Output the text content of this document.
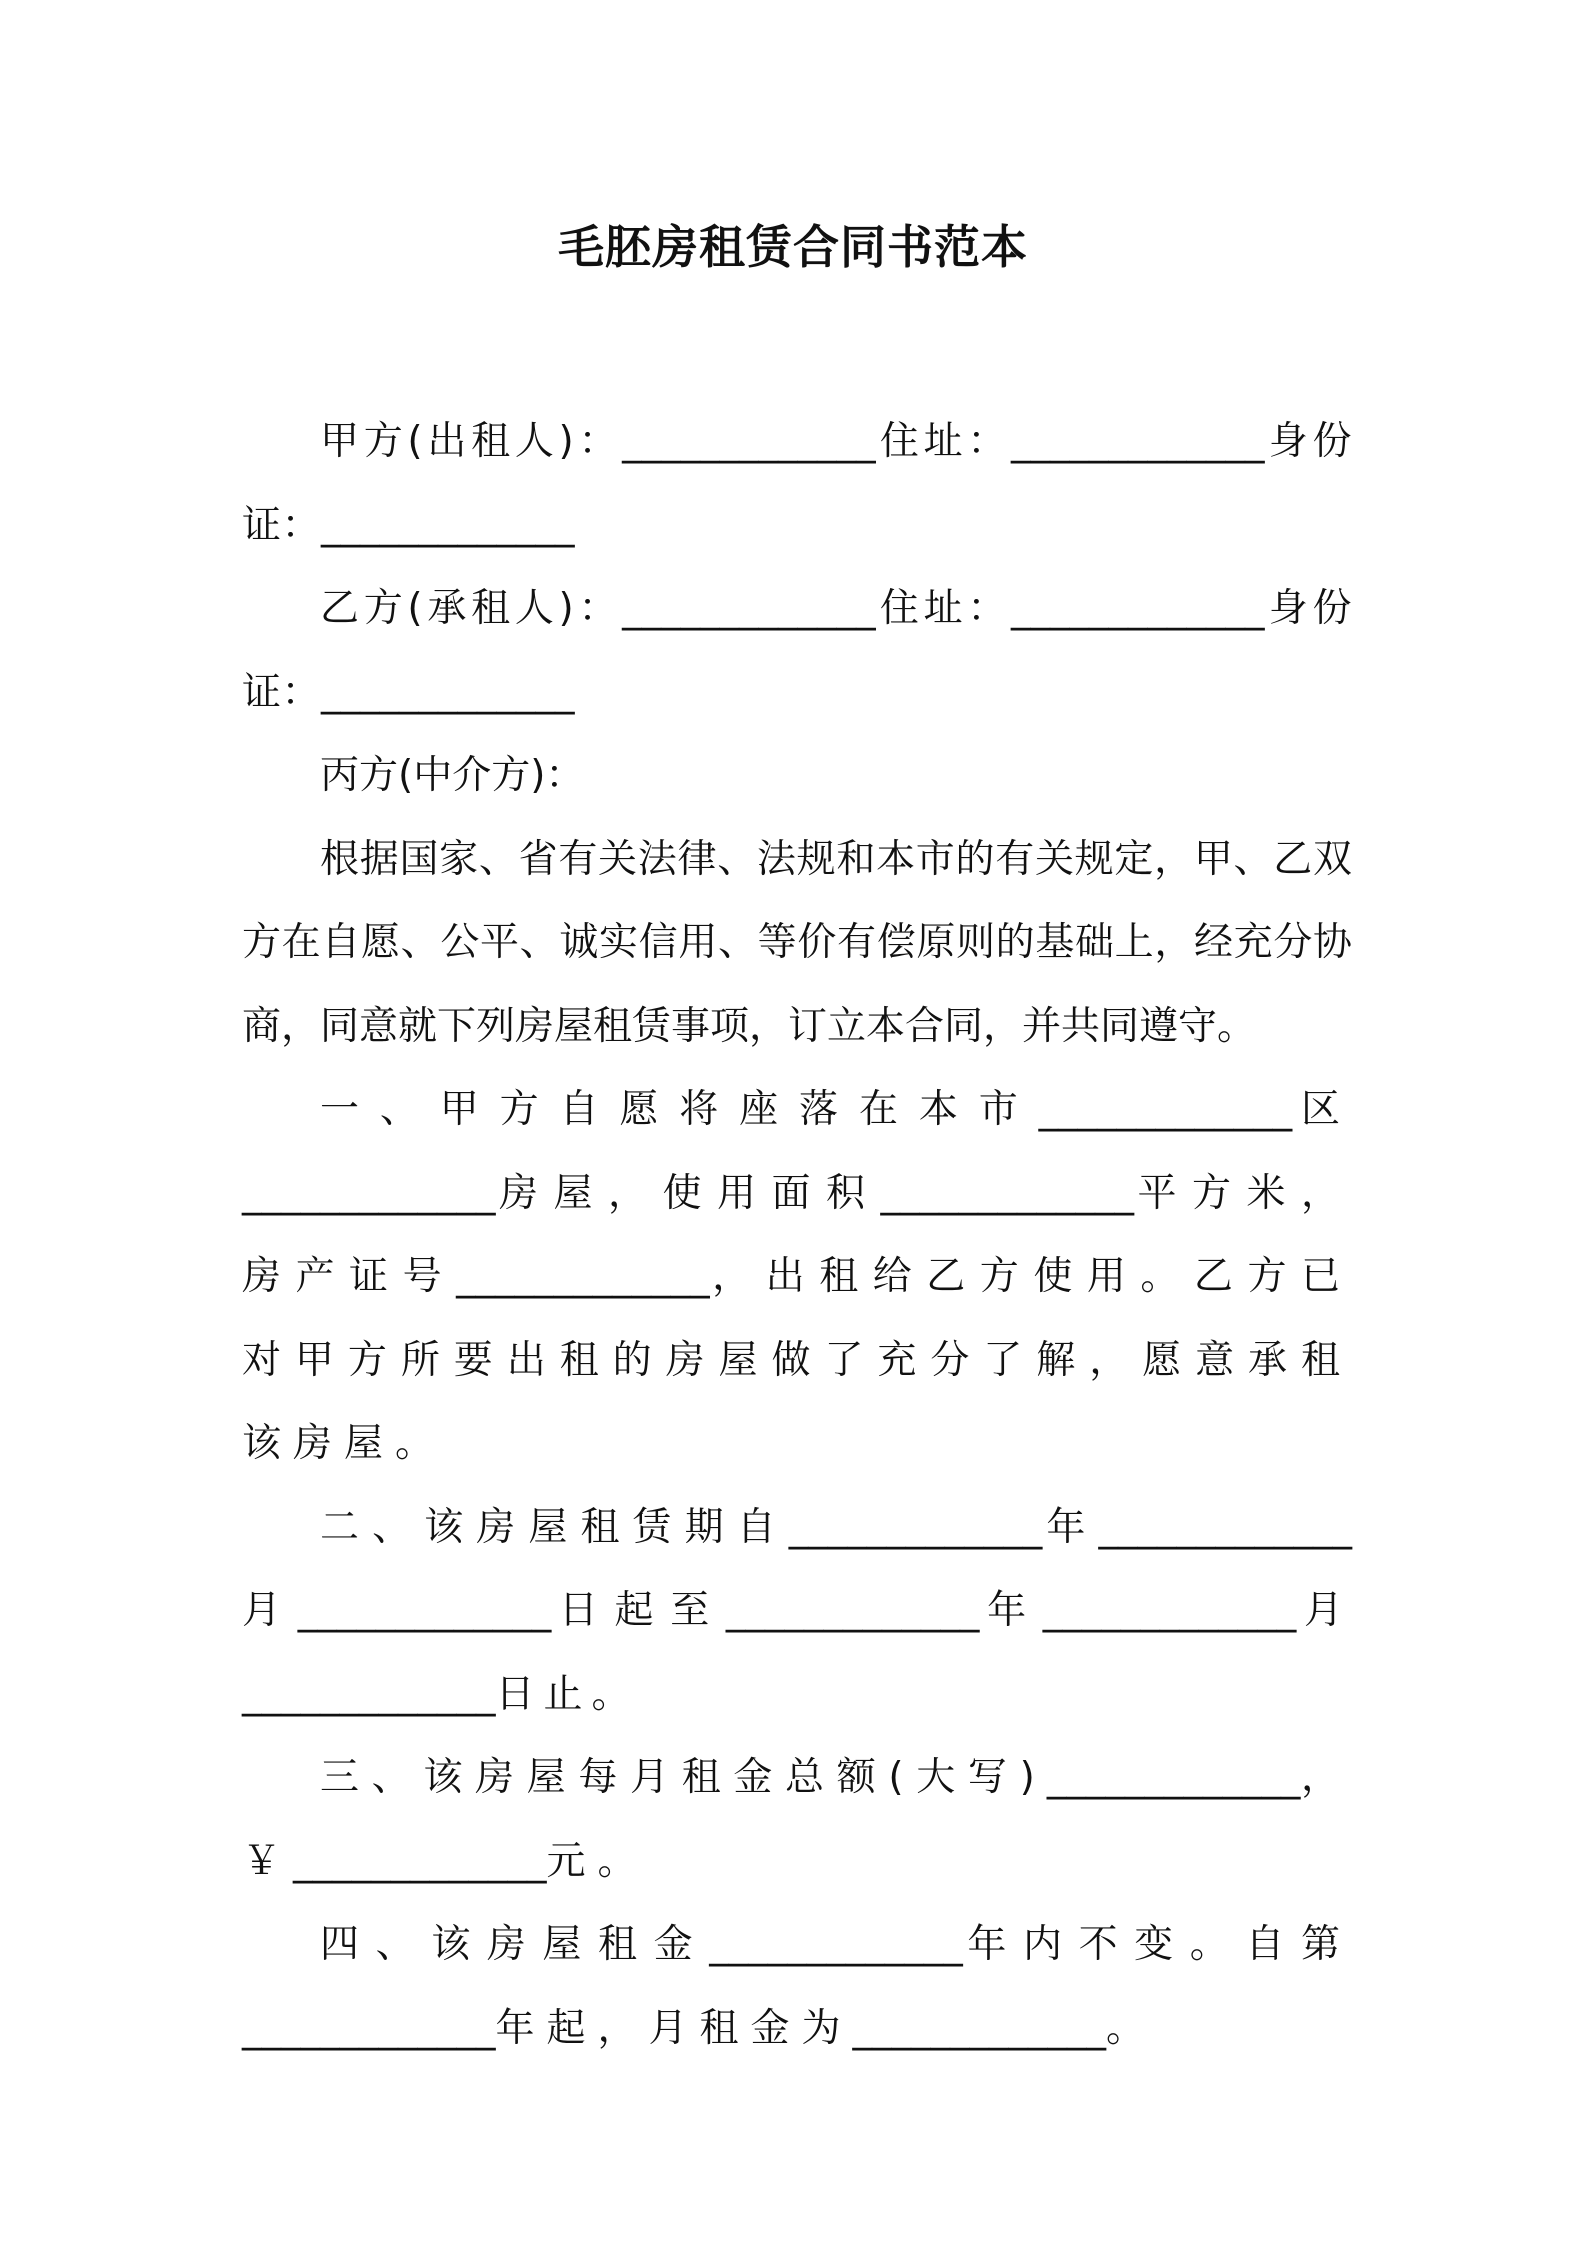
毛胚房租赁合同书范本

甲方(出租人)：_____________住址：_____________身份证：_____________

乙方(承租人)：_____________住址：_____________身份证：_____________

丙方(中介方)：

根据国家、省有关法律、法规和本市的有关规定，甲、乙双方在自愿、公平、诚实信用、等价有偿原则的基础上，经充分协商，同意就下列房屋租赁事项，订立本合同，并共同遵守。

一、甲方自愿将座落在本市_____________区_____________房屋，使用面积_____________平方米，房产证号_____________，出租给乙方使用。乙方已对甲方所要出租的房屋做了充分了解，愿意承租该房屋。

二、该房屋租赁期自_____________年_____________月_____________日起至_____________年_____________月_____________日止。

三、该房屋每月租金总额(大写)_____________，￥_____________元。

四、该房屋租金_____________年内不变。自第_____________年起，月租金为_____________。
